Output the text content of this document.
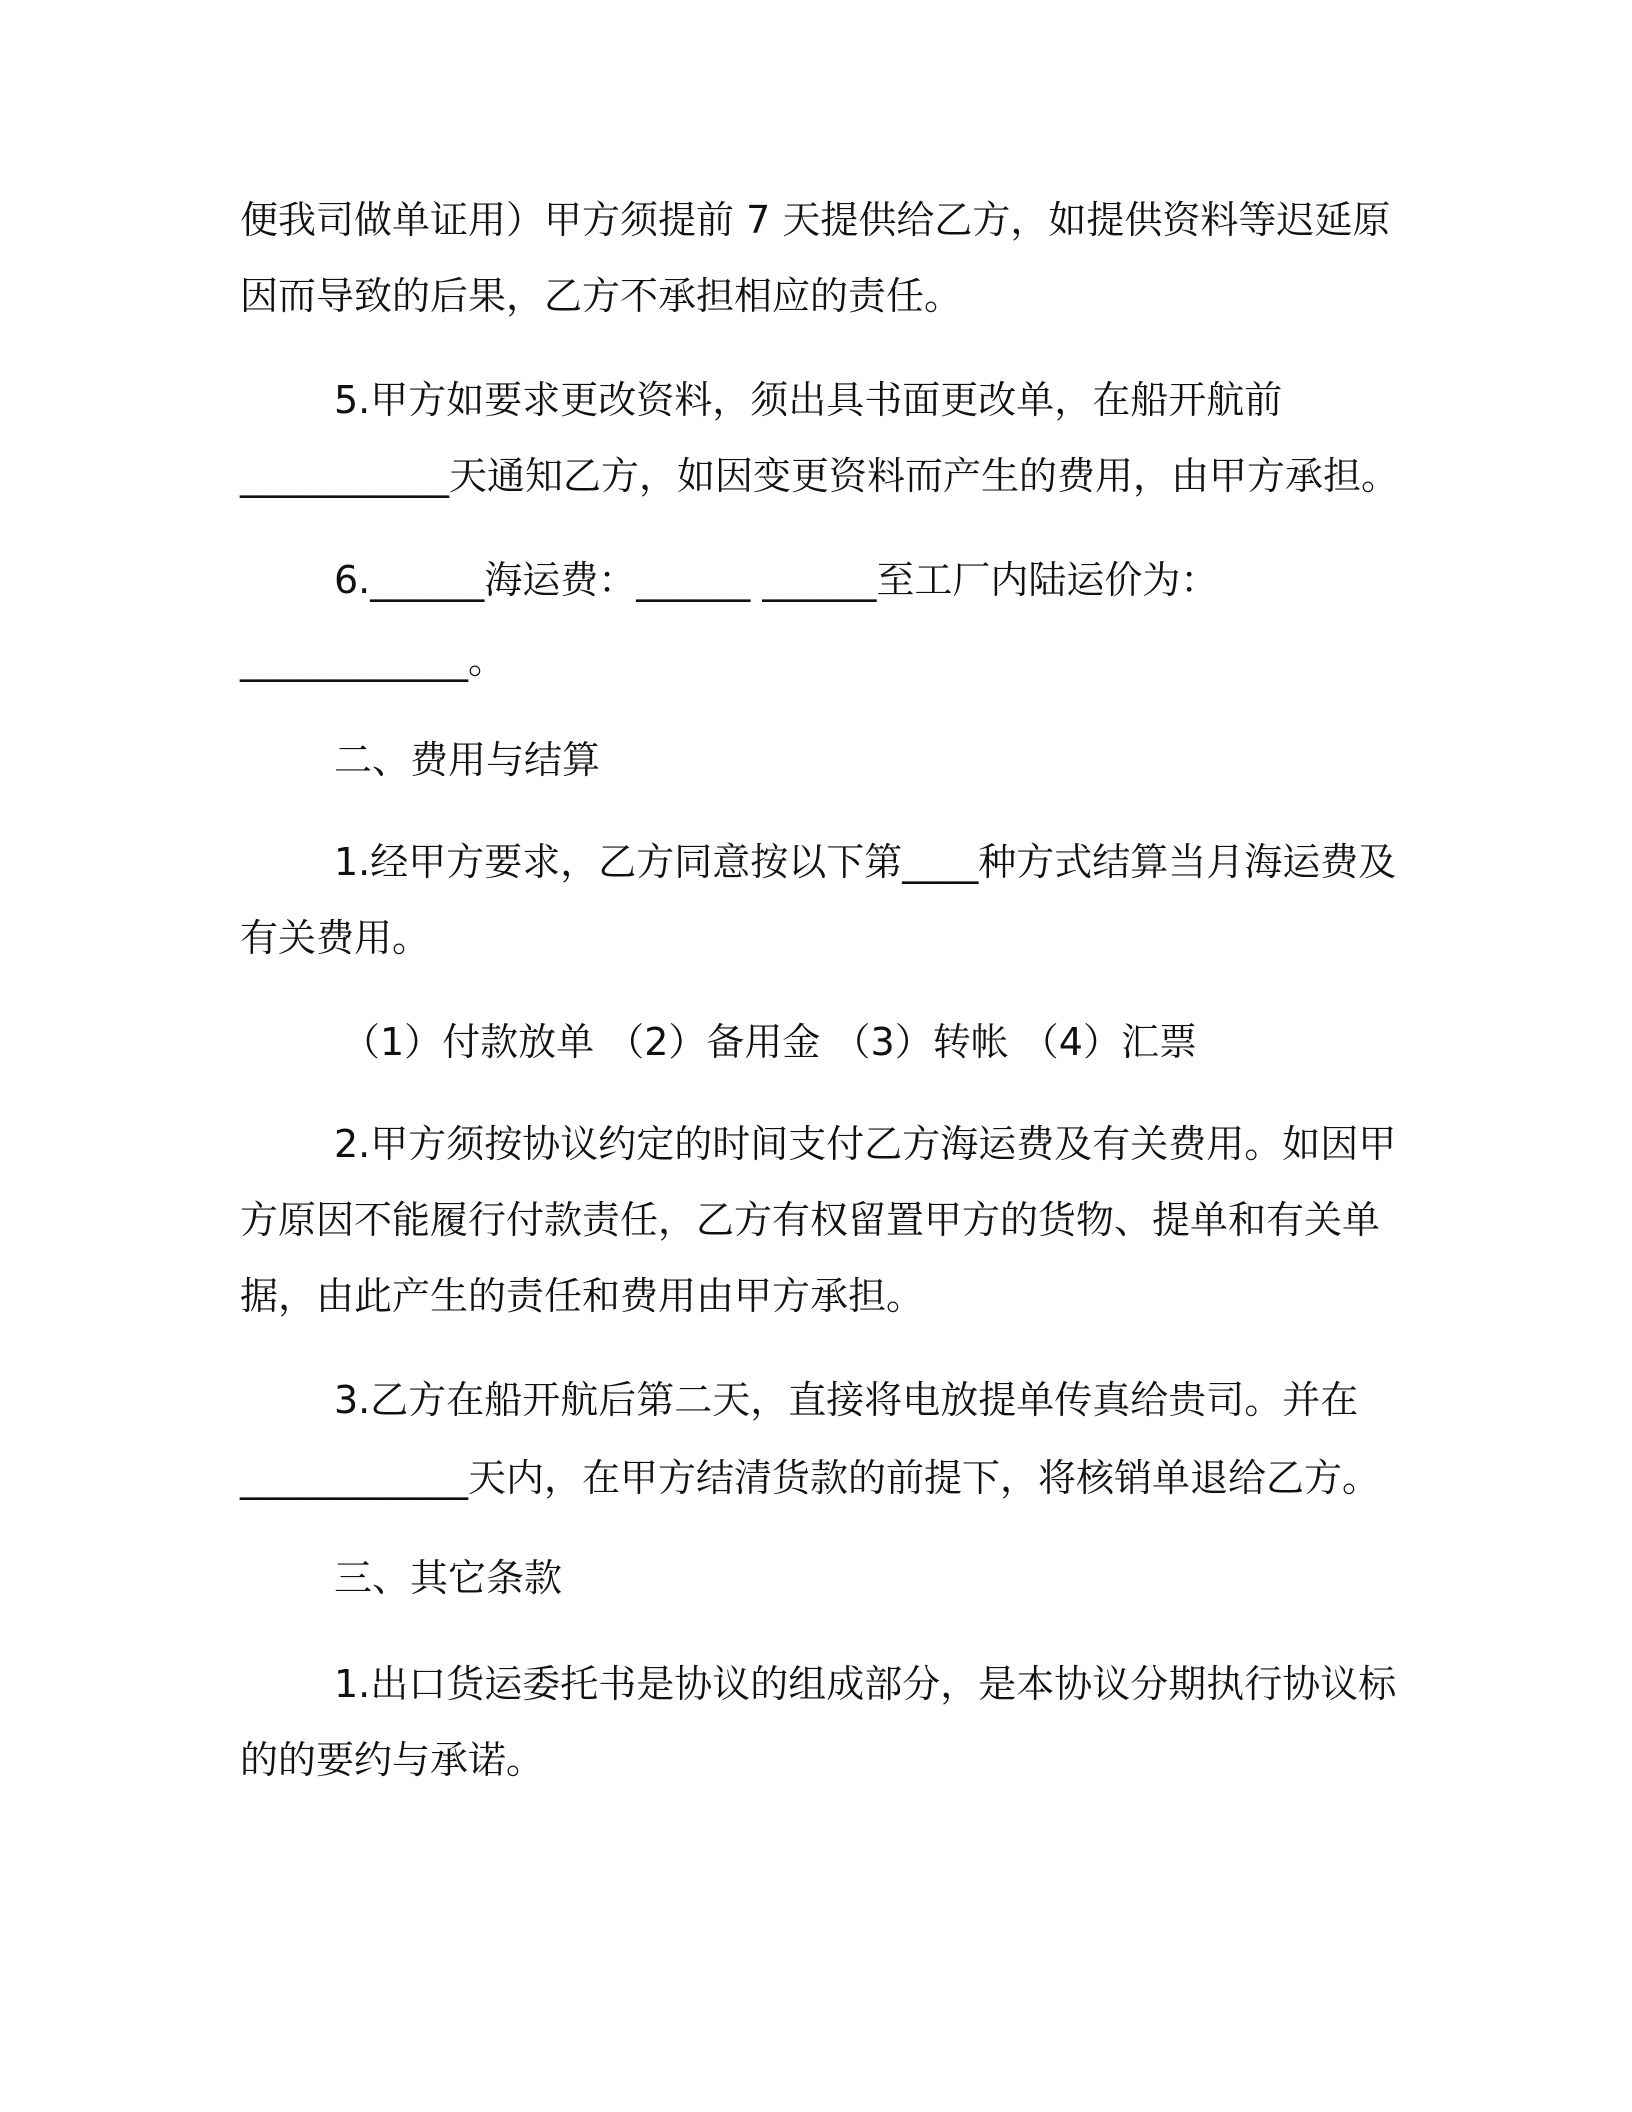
便我司做单证用）甲方须提前 7 天提供给乙方，如提供资料等迟延原
因而导致的后果，乙方不承担相应的责任。
5.甲方如要求更改资料，须出具书面更改单，在船开航前
___________天通知乙方，如因变更资料而产生的费用，由甲方承担。
6.______海运费：______ ______至工厂内陆运价为：
____________。
二、费用与结算
1.经甲方要求，乙方同意按以下第____种方式结算当月海运费及
有关费用。
（1）付款放单 （2）备用金 （3）转帐 （4）汇票
2.甲方须按协议约定的时间支付乙方海运费及有关费用。如因甲
方原因不能履行付款责任，乙方有权留置甲方的货物、提单和有关单
据，由此产生的责任和费用由甲方承担。
3.乙方在船开航后第二天，直接将电放提单传真给贵司。并在
____________天内，在甲方结清货款的前提下，将核销单退给乙方。
三、其它条款
1.出口货运委托书是协议的组成部分，是本协议分期执行协议标
的的要约与承诺。
